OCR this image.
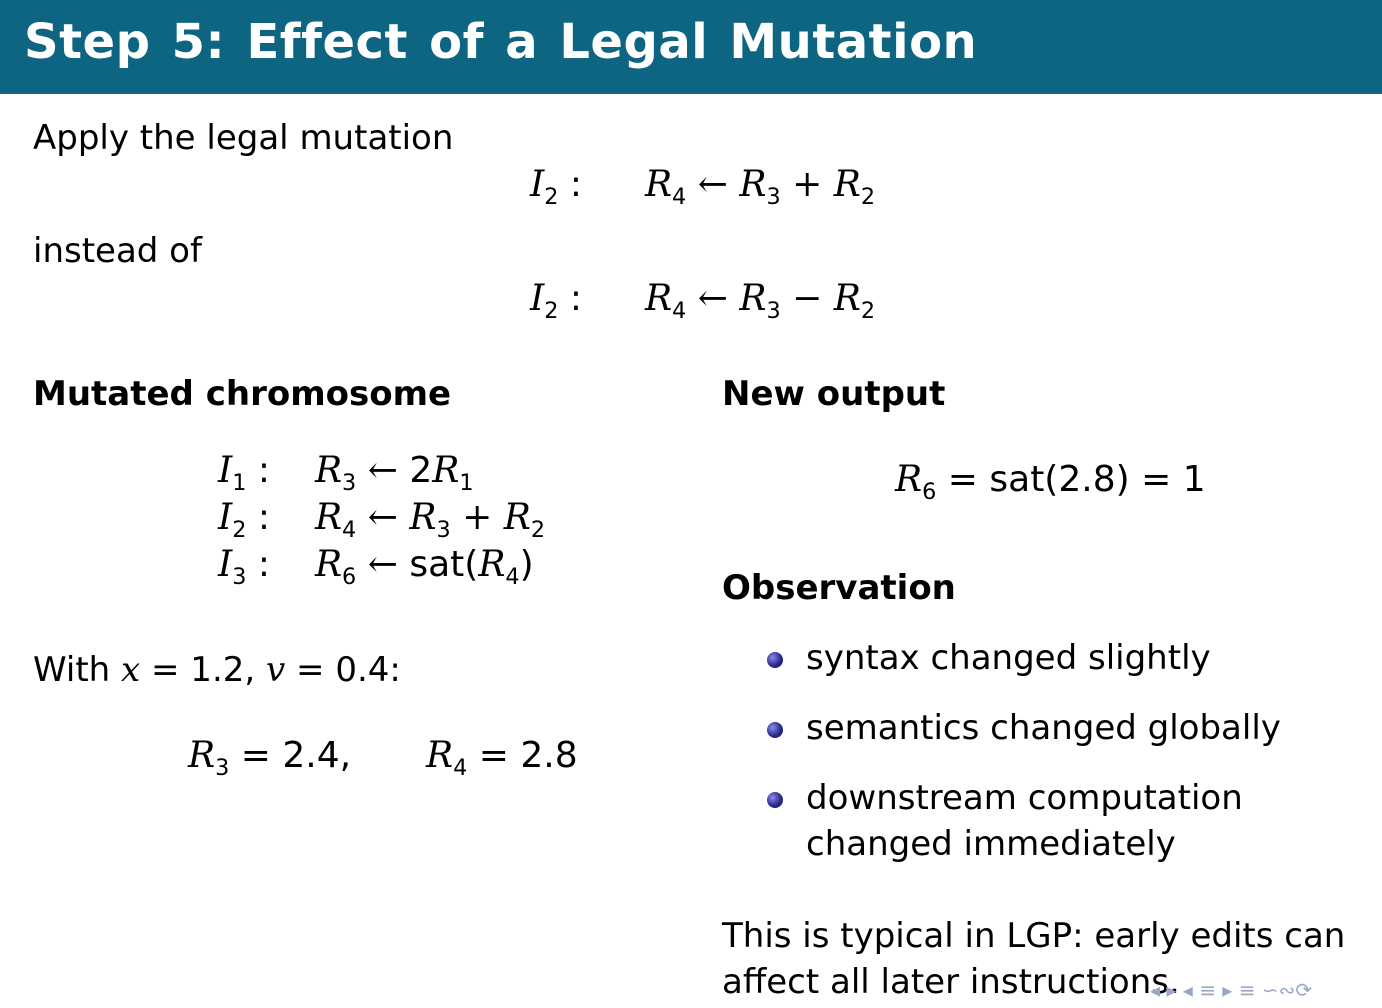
Step 5: Effect of a Legal Mutation
Apply the legal mutation
$I_2$ : $R_4$ ← $R_3 + R_2$
instead of
$I_2$ : $R_4$ ← $R_3 - R_2$
Mutated chromosome
$I_1$ : $R_3$ ← $2R_1$
$I_2$ : $R_4$ ← $R_3 + R_2$
$I_3$ : $R_6$ ← $sat(R_4)$
With x = 1.2, v = 0.4:
$R_3 = 2.4$, $R_4 = 2.8$
New output
$R_6 = sat(2.8) = 1$
Observation
syntax changed slightly
semantics changed globally
downstream computation
changed immediately
This is typical in LGP: early edits can
affect all later instructions.
◂ ▸ ◂ ≡ ▸ ≡ ∽∾⟳
